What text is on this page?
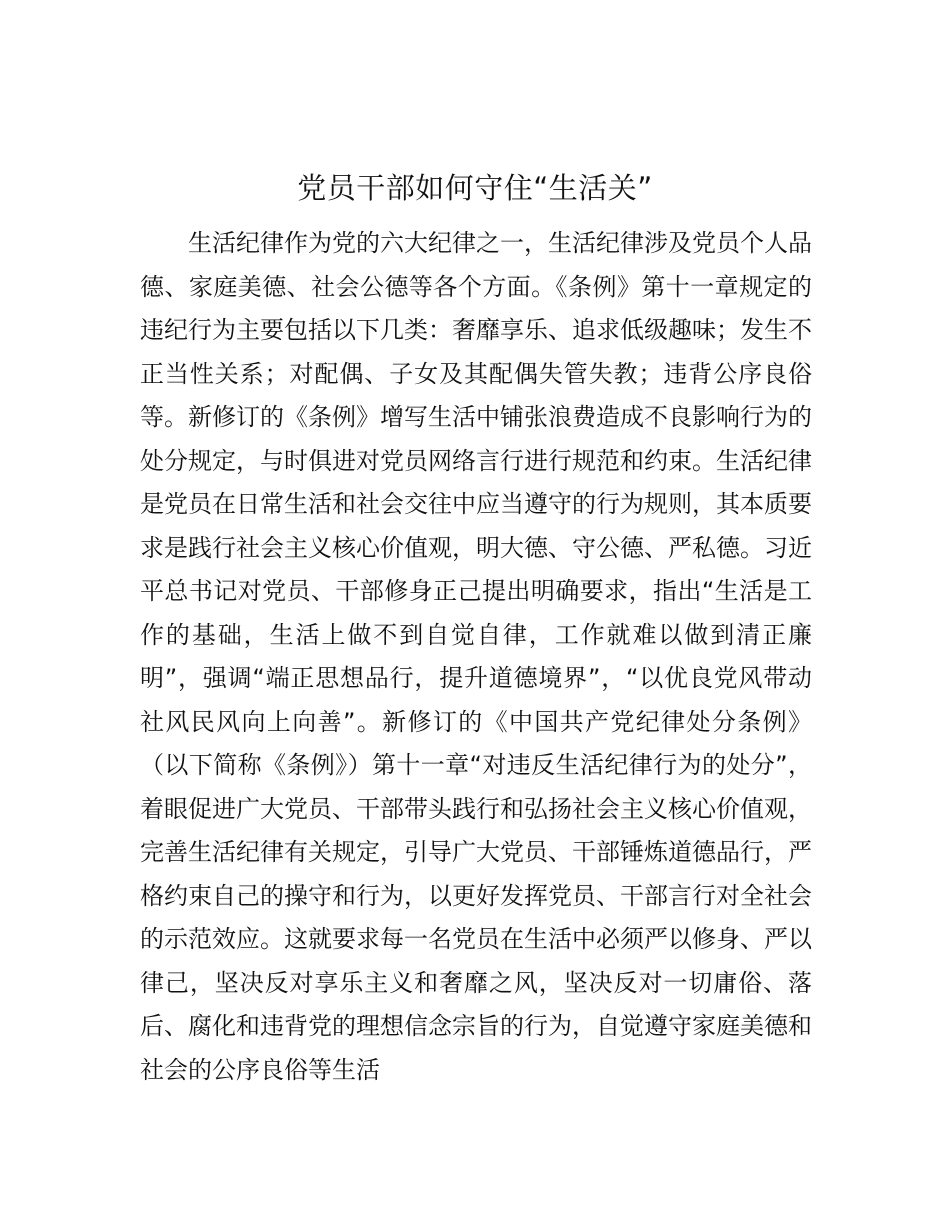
党员干部如何守住“生活关”

生活纪律作为党的六大纪律之一，生活纪律涉及党员个人品德、家庭美德、社会公德等各个方面。《条例》第十一章规定的违纪行为主要包括以下几类：奢靡享乐、追求低级趣味；发生不正当性关系；对配偶、子女及其配偶失管失教；违背公序良俗等。新修订的《条例》增写生活中铺张浪费造成不良影响行为的处分规定，与时俱进对党员网络言行进行规范和约束。生活纪律是党员在日常生活和社会交往中应当遵守的行为规则，其本质要求是践行社会主义核心价值观，明大德、守公德、严私德。习近平总书记对党员、干部修身正己提出明确要求，指出“生活是工作的基础，生活上做不到自觉自律，工作就难以做到清正廉明”，强调“端正思想品行，提升道德境界”，“以优良党风带动社风民风向上向善”。新修订的《中国共产党纪律处分条例》（以下简称《条例》）第十一章“对违反生活纪律行为的处分”，着眼促进广大党员、干部带头践行和弘扬社会主义核心价值观，完善生活纪律有关规定，引导广大党员、干部锤炼道德品行，严格约束自己的操守和行为，以更好发挥党员、干部言行对全社会的示范效应。这就要求每一名党员在生活中必须严以修身、严以律己，坚决反对享乐主义和奢靡之风，坚决反对一切庸俗、落后、腐化和违背党的理想信念宗旨的行为，自觉遵守家庭美德和社会的公序良俗等生活
